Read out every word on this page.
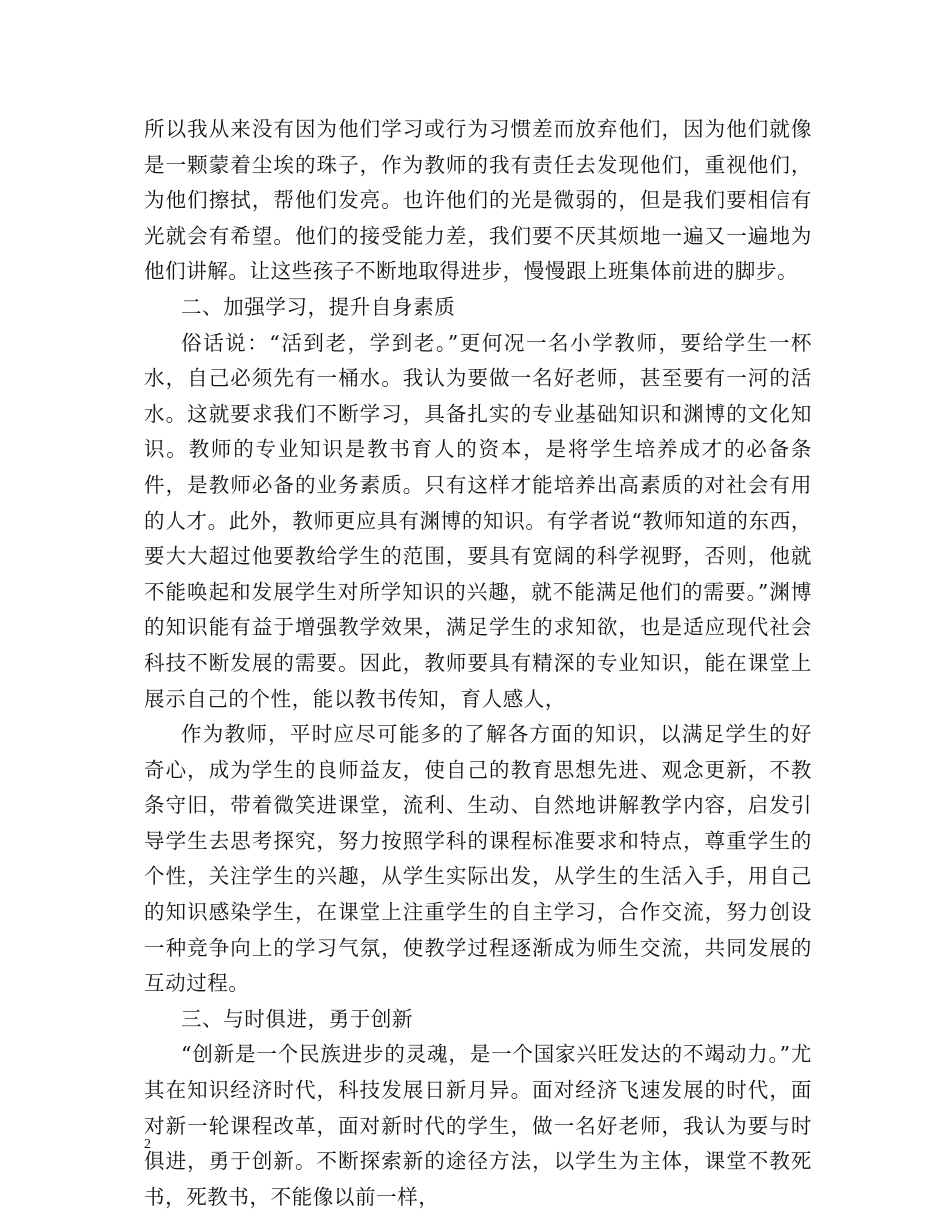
所以我从来没有因为他们学习或行为习惯差而放弃他们，因为他们就像是一颗蒙着尘埃的珠子，作为教师的我有责任去发现他们，重视他们，为他们擦拭，帮他们发亮。也许他们的光是微弱的，但是我们要相信有光就会有希望。他们的接受能力差，我们要不厌其烦地一遍又一遍地为他们讲解。让这些孩子不断地取得进步，慢慢跟上班集体前进的脚步。

二、加强学习，提升自身素质

俗话说：“活到老，学到老。”更何况一名小学教师，要给学生一杯水，自己必须先有一桶水。我认为要做一名好老师，甚至要有一河的活水。这就要求我们不断学习，具备扎实的专业基础知识和渊博的文化知识。教师的专业知识是教书育人的资本，是将学生培养成才的必备条件，是教师必备的业务素质。只有这样才能培养出高素质的对社会有用的人才。此外，教师更应具有渊博的知识。有学者说“教师知道的东西，要大大超过他要教给学生的范围，要具有宽阔的科学视野，否则，他就不能唤起和发展学生对所学知识的兴趣，就不能满足他们的需要。”渊博的知识能有益于增强教学效果，满足学生的求知欲，也是适应现代社会科技不断发展的需要。因此，教师要具有精深的专业知识，能在课堂上展示自己的个性，能以教书传知，育人感人，

作为教师，平时应尽可能多的了解各方面的知识，以满足学生的好奇心，成为学生的良师益友，使自己的教育思想先进、观念更新，不教条守旧，带着微笑进课堂，流利、生动、自然地讲解教学内容，启发引导学生去思考探究，努力按照学科的课程标准要求和特点，尊重学生的个性，关注学生的兴趣，从学生实际出发，从学生的生活入手，用自己的知识感染学生，在课堂上注重学生的自主学习，合作交流，努力创设一种竞争向上的学习气氛，使教学过程逐渐成为师生交流，共同发展的互动过程。

三、与时俱进，勇于创新

“创新是一个民族进步的灵魂，是一个国家兴旺发达的不竭动力。”尤其在知识经济时代，科技发展日新月异。面对经济飞速发展的时代，面对新一轮课程改革，面对新时代的学生，做一名好老师，我认为要与时俱进，勇于创新。不断探索新的途径方法，以学生为主体，课堂不教死书，死教书，不能像以前一样，

2
